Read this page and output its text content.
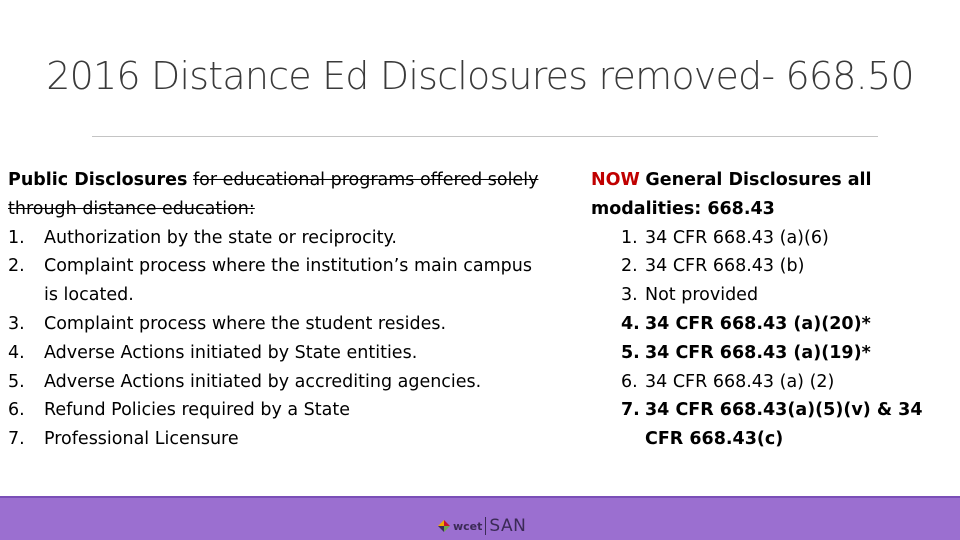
2016 Distance Ed Disclosures removed- 668.50
Public Disclosures for educational programs offered solely
through distance education:
1.	Authorization by the state or reciprocity.
2.	Complaint process where the institution’s main campus
is located.
3.	Complaint process where the student resides.
4.	Adverse Actions initiated by State entities.
5.	Adverse Actions initiated by accrediting agencies.
6.	Refund Policies required by a State
7.	Professional Licensure
NOW General Disclosures all
modalities: 668.43
1. 34 CFR 668.43 (a)(6)
2. 34 CFR 668.43 (b)
3. Not provided
4. 34 CFR 668.43 (a)(20)*
5. 34 CFR 668.43 (a)(19)*
6. 34 CFR 668.43 (a) (2)
7. 34 CFR 668.43(a)(5)(v) & 34
CFR 668.43(c)
wcet SAN
